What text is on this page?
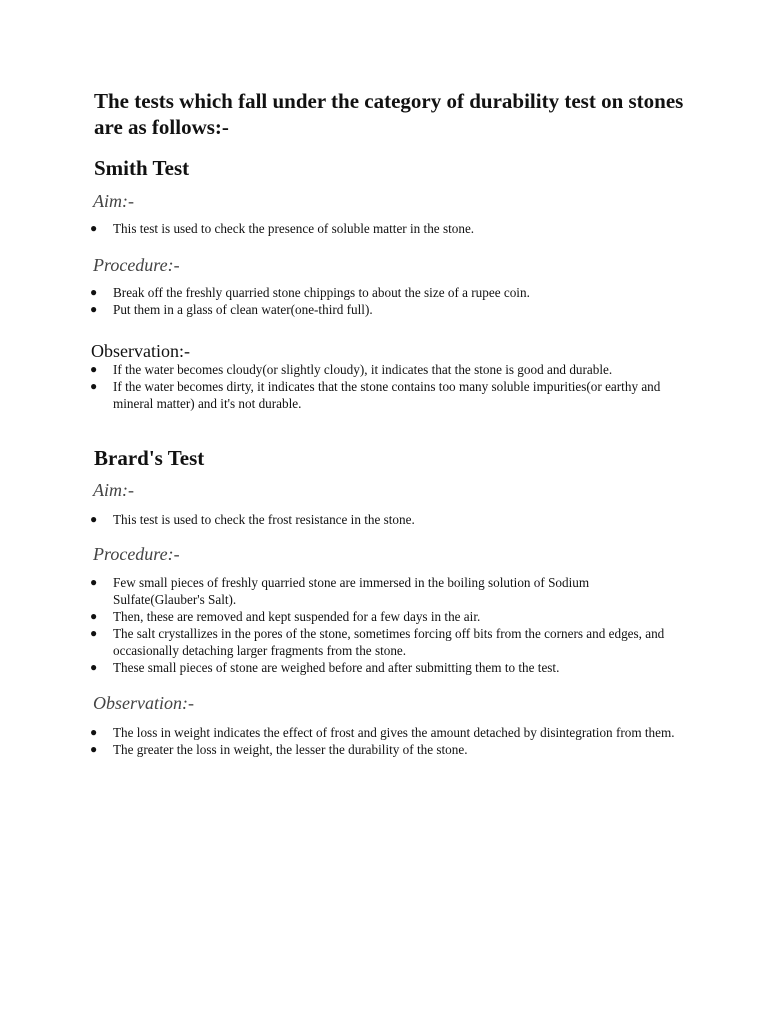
The tests which fall under the category of durability test on stones are as follows:-
Smith Test

Aim:-

● This test is used to check the presence of soluble matter in the stone.

Procedure:-

● Break off the freshly quarried stone chippings to about the size of a rupee coin.
● Put them in a glass of clean water(one-third full).

Observation:-

● If the water becomes cloudy(or slightly cloudy), it indicates that the stone is good and durable.
● If the water becomes dirty, it indicates that the stone contains too many soluble impurities(or earthy and mineral matter) and it's not durable.
Brard's Test

Aim:-

● This test is used to check the frost resistance in the stone.

Procedure:-

● Few small pieces of freshly quarried stone are immersed in the boiling solution of Sodium Sulfate(Glauber's Salt).
● Then, these are removed and kept suspended for a few days in the air.
● The salt crystallizes in the pores of the stone, sometimes forcing off bits from the corners and edges, and occasionally detaching larger fragments from the stone.
● These small pieces of stone are weighed before and after submitting them to the test.

Observation:-

● The loss in weight indicates the effect of frost and gives the amount detached by disintegration from them.
● The greater the loss in weight, the lesser the durability of the stone.
